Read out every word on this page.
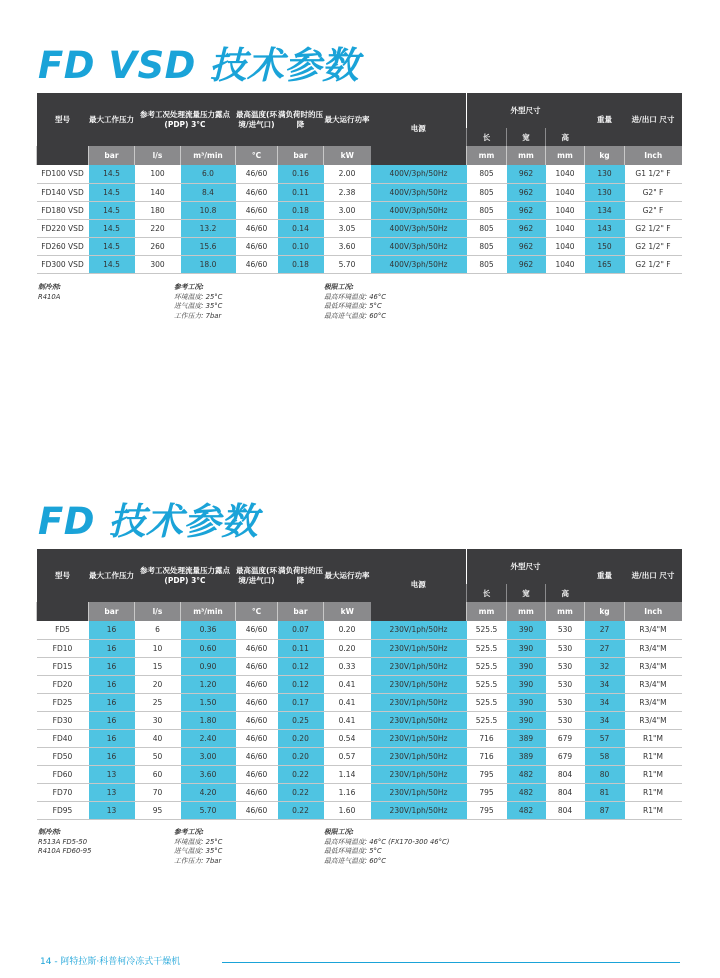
FD VSD 技术参数
型号	最大工作压力	参考工况处理流量压力露点 (PDP) 3°C		最高温度(环境/进气口)	满负荷时的压降	最大运行功率	电源	外型尺寸			重量	进/出口 尺寸
								长	宽	高		
	bar	l/s	m³/min	°C	bar	kW		mm	mm	mm	kg	Inch
FD100 VSD	14.5	100	6.0	46/60	0.16	2.00	400V/3ph/50Hz	805	962	1040	130	G1 1/2" F
FD140 VSD	14.5	140	8.4	46/60	0.11	2.38	400V/3ph/50Hz	805	962	1040	130	G2" F
FD180 VSD	14.5	180	10.8	46/60	0.18	3.00	400V/3ph/50Hz	805	962	1040	134	G2" F
FD220 VSD	14.5	220	13.2	46/60	0.14	3.05	400V/3ph/50Hz	805	962	1040	143	G2 1/2" F
FD260 VSD	14.5	260	15.6	46/60	0.10	3.60	400V/3ph/50Hz	805	962	1040	150	G2 1/2" F
FD300 VSD	14.5	300	18.0	46/60	0.18	5.70	400V/3ph/50Hz	805	962	1040	165	G2 1/2" F
制冷剂:
R410A
参考工况:
环境温度: 25°C
进气温度: 35°C
工作压力: 7bar
极限工况:
最高环境温度: 46°C
最低环境温度: 5°C
最高进气温度: 60°C
FD 技术参数
型号	最大工作压力	参考工况处理流量压力露点 (PDP) 3°C		最高温度(环境/进气口)	满负荷时的压降	最大运行功率	电源	外型尺寸			重量	进/出口 尺寸
								长	宽	高		
	bar	l/s	m³/min	°C	bar	kW		mm	mm	mm	kg	Inch
FD5	16	6	0.36	46/60	0.07	0.20	230V/1ph/50Hz	525.5	390	530	27	R3/4"M
FD10	16	10	0.60	46/60	0.11	0.20	230V/1ph/50Hz	525.5	390	530	27	R3/4"M
FD15	16	15	0.90	46/60	0.12	0.33	230V/1ph/50Hz	525.5	390	530	32	R3/4"M
FD20	16	20	1.20	46/60	0.12	0.41	230V/1ph/50Hz	525.5	390	530	34	R3/4"M
FD25	16	25	1.50	46/60	0.17	0.41	230V/1ph/50Hz	525.5	390	530	34	R3/4"M
FD30	16	30	1.80	46/60	0.25	0.41	230V/1ph/50Hz	525.5	390	530	34	R3/4"M
FD40	16	40	2.40	46/60	0.20	0.54	230V/1ph/50Hz	716	389	679	57	R1"M
FD50	16	50	3.00	46/60	0.20	0.57	230V/1ph/50Hz	716	389	679	58	R1"M
FD60	13	60	3.60	46/60	0.22	1.14	230V/1ph/50Hz	795	482	804	80	R1"M
FD70	13	70	4.20	46/60	0.22	1.16	230V/1ph/50Hz	795	482	804	81	R1"M
FD95	13	95	5.70	46/60	0.22	1.60	230V/1ph/50Hz	795	482	804	87	R1"M
制冷剂:
R513A FD5-50
R410A FD60-95
参考工况:
环境温度: 25°C
进气温度: 35°C
工作压力: 7bar
极限工况:
最高环境温度: 46°C (FX170-300 46°C)
最低环境温度: 5°C
最高进气温度: 60°C
14 - 阿特拉斯·科普柯冷冻式干燥机
